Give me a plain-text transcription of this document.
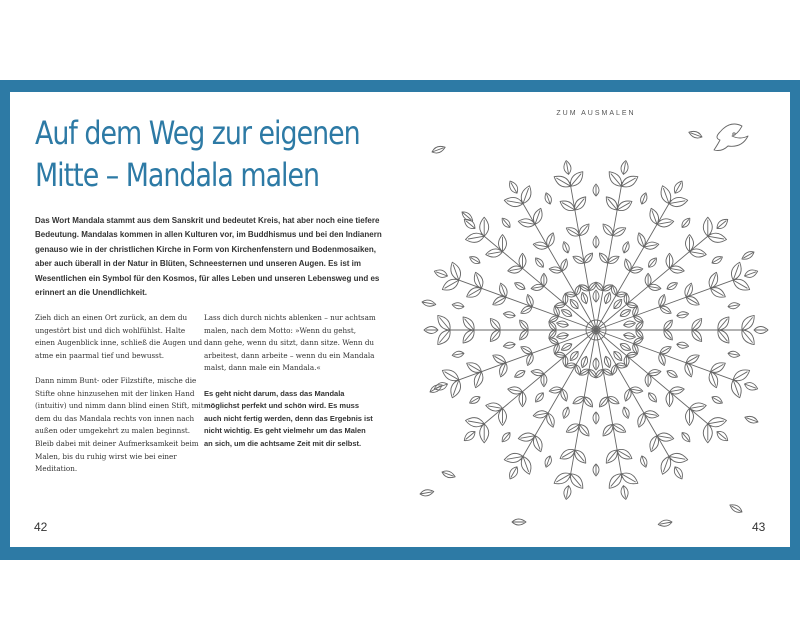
Auf dem Weg zur eigenen
Mitte – Mandala malen

Das Wort Mandala stammt aus dem Sanskrit und bedeutet Kreis, hat aber noch eine tiefere Bedeutung. Mandalas kommen in allen Kulturen vor, im Buddhismus und bei den Indianern genauso wie in der christlichen Kirche in Form von Kirchenfenstern und Bodenmosaiken, aber auch überall in der Natur in Blüten, Schneesternen und unseren Augen. Es ist im Wesentlichen ein Symbol für den Kosmos, für alles Leben und unseren Lebensweg und es erinnert an die Unendlichkeit.

Zieh dich an einen Ort zurück, an dem du ungestört bist und dich wohlfühlst. Halte einen Augenblick inne, schließ die Augen und atme ein paarmal tief und bewusst.

Dann nimm Bunt- oder Filzstifte, mische die Stifte ohne hinzusehen mit der linken Hand (intuitiv) und nimm dann blind einen Stift, mit dem du das Mandala rechts von innen nach außen oder umgekehrt zu malen beginnst. Bleib dabei mit deiner Aufmerksamkeit beim Malen, bis du ruhig wirst wie bei einer Meditation.

Lass dich durch nichts ablenken – nur achtsam malen, nach dem Motto: »Wenn du gehst, dann gehe, wenn du sitzt, dann sitze. Wenn du arbeitest, dann arbeite – wenn du ein Mandala malst, dann male ein Mandala.«

Es geht nicht darum, dass das Mandala möglichst perfekt und schön wird. Es muss auch nicht fertig werden, denn das Ergebnis ist nicht wichtig. Es geht vielmehr um das Malen an sich, um die achtsame Zeit mit dir selbst.

42
ZUM AUSMALEN
43
